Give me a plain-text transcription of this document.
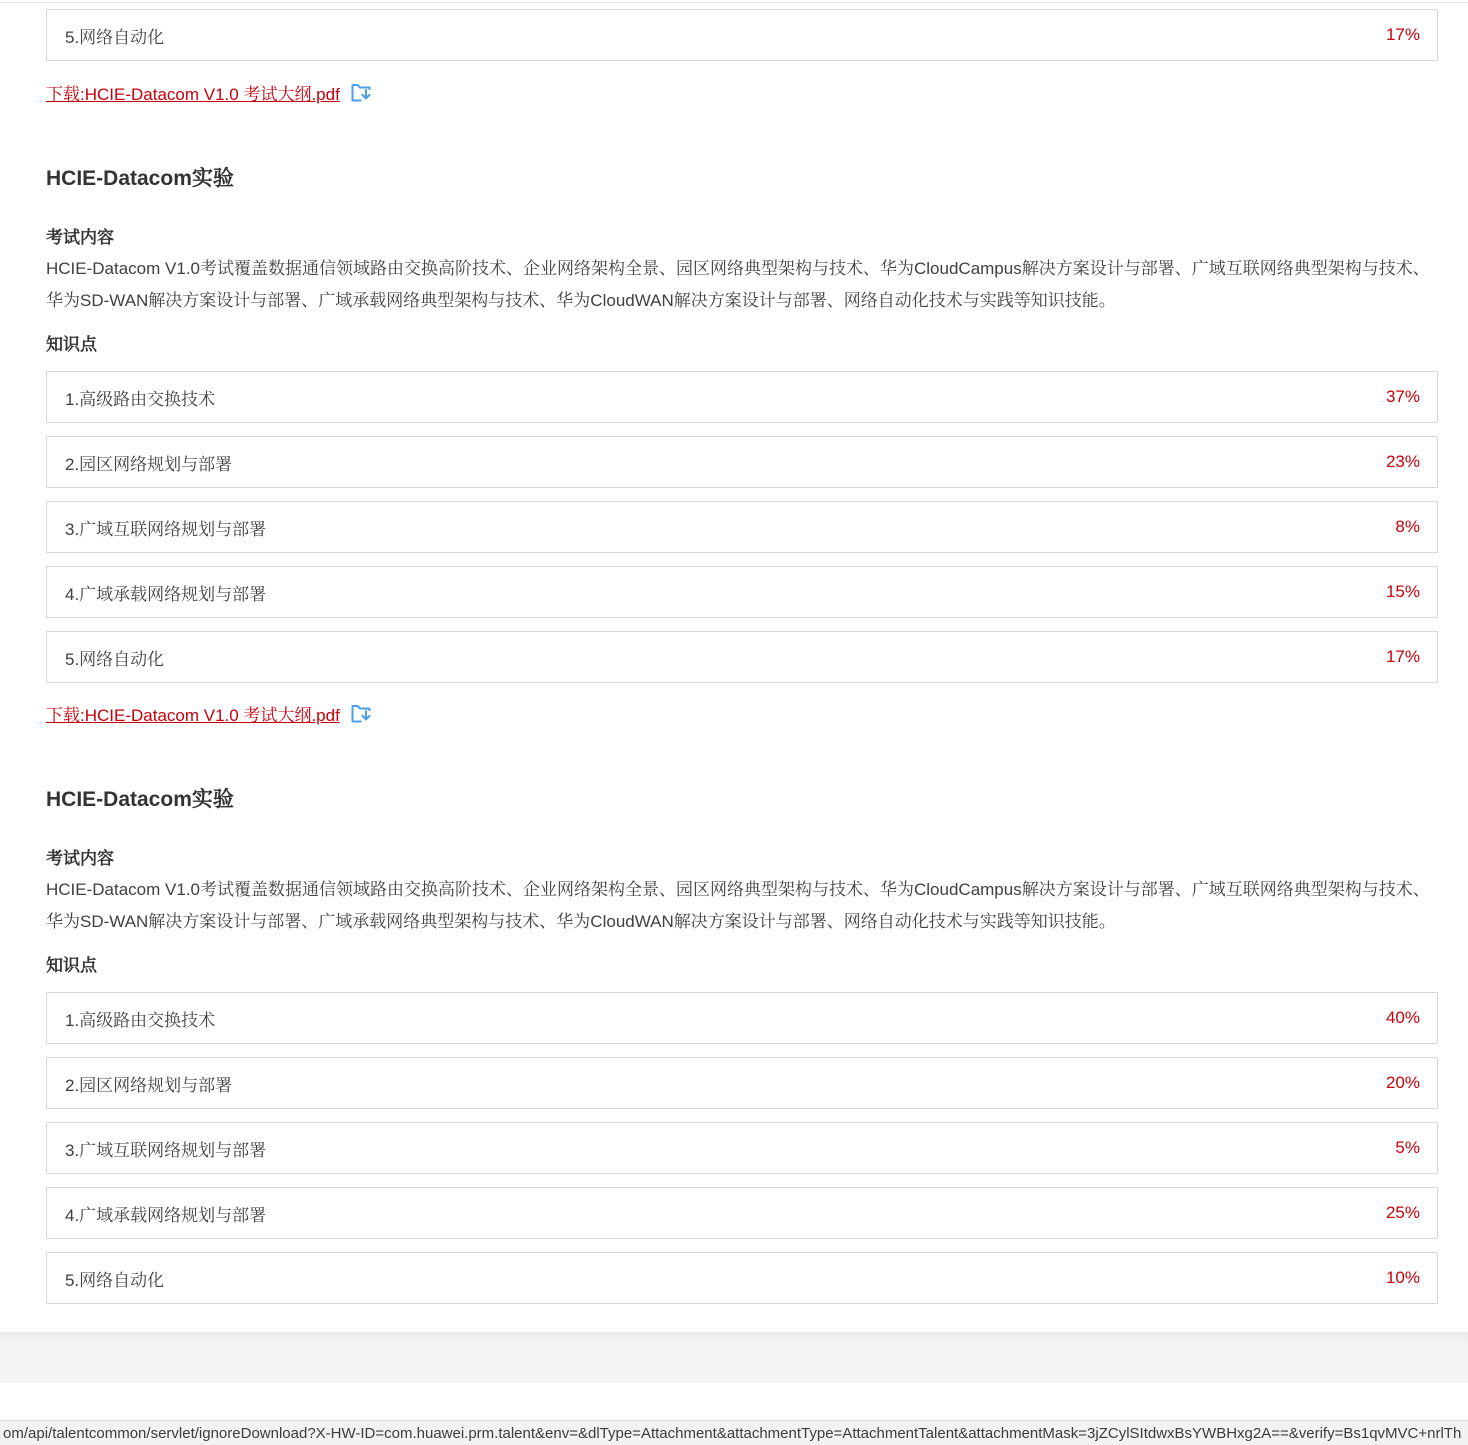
5.网络自动化	17%
下载:HCIE-Datacom V1.0 考试大纲.pdf
HCIE-Datacom实验
考试内容
HCIE-Datacom V1.0考试覆盖数据通信领域路由交换高阶技术、企业网络架构全景、园区网络典型架构与技术、华为CloudCampus解决方案设计与部署、广域互联网络典型架构与技术、华为SD-WAN解决方案设计与部署、广域承载网络典型架构与技术、华为CloudWAN解决方案设计与部署、网络自动化技术与实践等知识技能。
知识点
1.高级路由交换技术	37%
2.园区网络规划与部署	23%
3.广域互联网络规划与部署	8%
4.广域承载网络规划与部署	15%
5.网络自动化	17%
下载:HCIE-Datacom V1.0 考试大纲.pdf
HCIE-Datacom实验
考试内容
HCIE-Datacom V1.0考试覆盖数据通信领域路由交换高阶技术、企业网络架构全景、园区网络典型架构与技术、华为CloudCampus解决方案设计与部署、广域互联网络典型架构与技术、华为SD-WAN解决方案设计与部署、广域承载网络典型架构与技术、华为CloudWAN解决方案设计与部署、网络自动化技术与实践等知识技能。
知识点
1.高级路由交换技术	40%
2.园区网络规划与部署	20%
3.广域互联网络规划与部署	5%
4.广域承载网络规划与部署	25%
5.网络自动化	10%
om/api/talentcommon/servlet/ignoreDownload?X-HW-ID=com.huawei.prm.talent&env=&dlType=Attachment&attachmentType=AttachmentTalent&attachmentMask=3jZCylSItdwxBsYWBHxg2A==&verify=Bs1qvMVC+nrlTh
